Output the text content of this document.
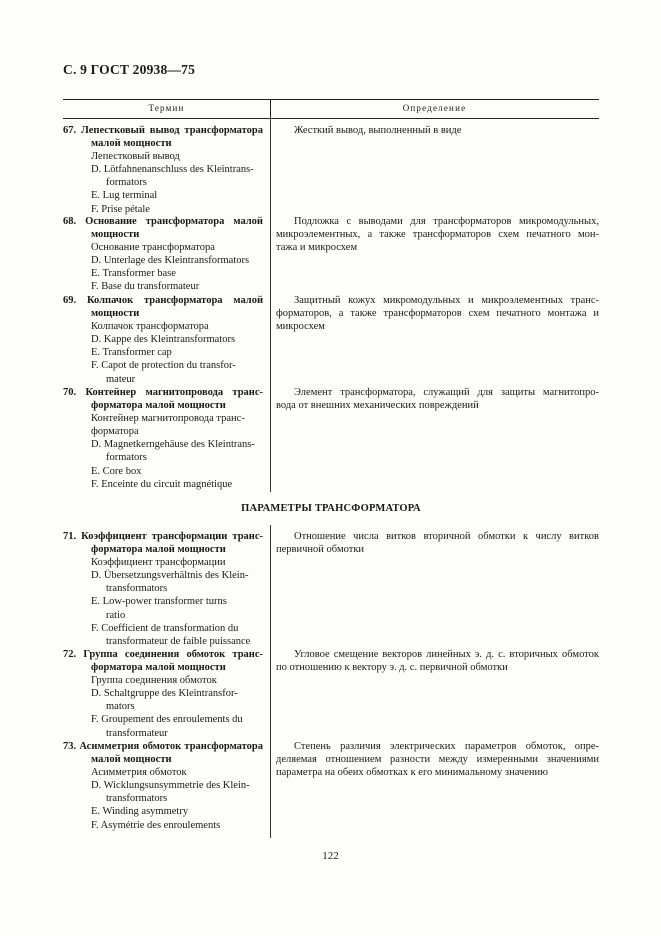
С. 9 ГОСТ 20938—75
Термин	Определение
67. Лепестковый вывод трансформатора
малой мощности
Лепестковый вывод
D. Lötfahnenanschluss des Kleintrans-
formators
E. Lug terminal
F. Prise pétale
Жесткий вывод, выполненный в виде
68. Основание трансформатора малой
мощности
Основание трансформатора
D. Unterlage des Kleintransformators
E. Transformer base
F. Base du transformateur
Подложка с выводами для трансформаторов микромодульных,
микроэлементных, а также трансформаторов схем печатного мон-
тажа и микросхем
69. Колпачок трансформатора малой
мощности
Колпачок трансформатора
D. Kappe des Kleintransformators
E. Transformer cap
F. Capot de protection du transfor-
mateur
Защитный кожух микромодульных и микроэлементных транс-
форматоров, а также трансформаторов схем печатного монтажа и
микросхем
70. Контейнер магнитопровода транс-
форматора малой мощности
Контейнер магнитопровода транс-
форматора
D. Magnetkerngehäuse des Kleintrans-
formators
E. Core box
F. Enceinte du circuit magnétique
Элемент трансформатора, служащий для защиты магнитопро-
вода от внешних механических повреждений
ПАРАМЕТРЫ ТРАНСФОРМАТОРА
71. Коэффициент трансформации транс-
форматора малой мощности
Коэффициент трансформации
D. Übersetzungsverhältnis des Klein-
transformators
E. Low-power transformer turns
ratio
F. Coefficient de transformation du
transformateur de faible puissance
Отношение числа витков вторичной обмотки к числу витков
первичной обмотки
72. Группа соединения обмоток транс-
форматора малой мощности
Группа соединения обмоток
D. Schaltgruppe des Kleintransfor-
mators
F. Groupement des enroulements du
transformateur
Угловое смещение векторов линейных э. д. с. вторичных обмоток
по отношению к вектору э. д. с. первичной обмотки
73. Асимметрия обмоток трансформатора
малой мощности
Асимметрия обмоток
D. Wicklungsunsymmetrie des Klein-
transformators
E. Winding asymmetry
F. Asymétrie des enroulements
Степень различия электрических параметров обмоток, опре-
деляемая отношением разности между измеренными значениями
параметра на обеих обмотках к его минимальному значению
122
